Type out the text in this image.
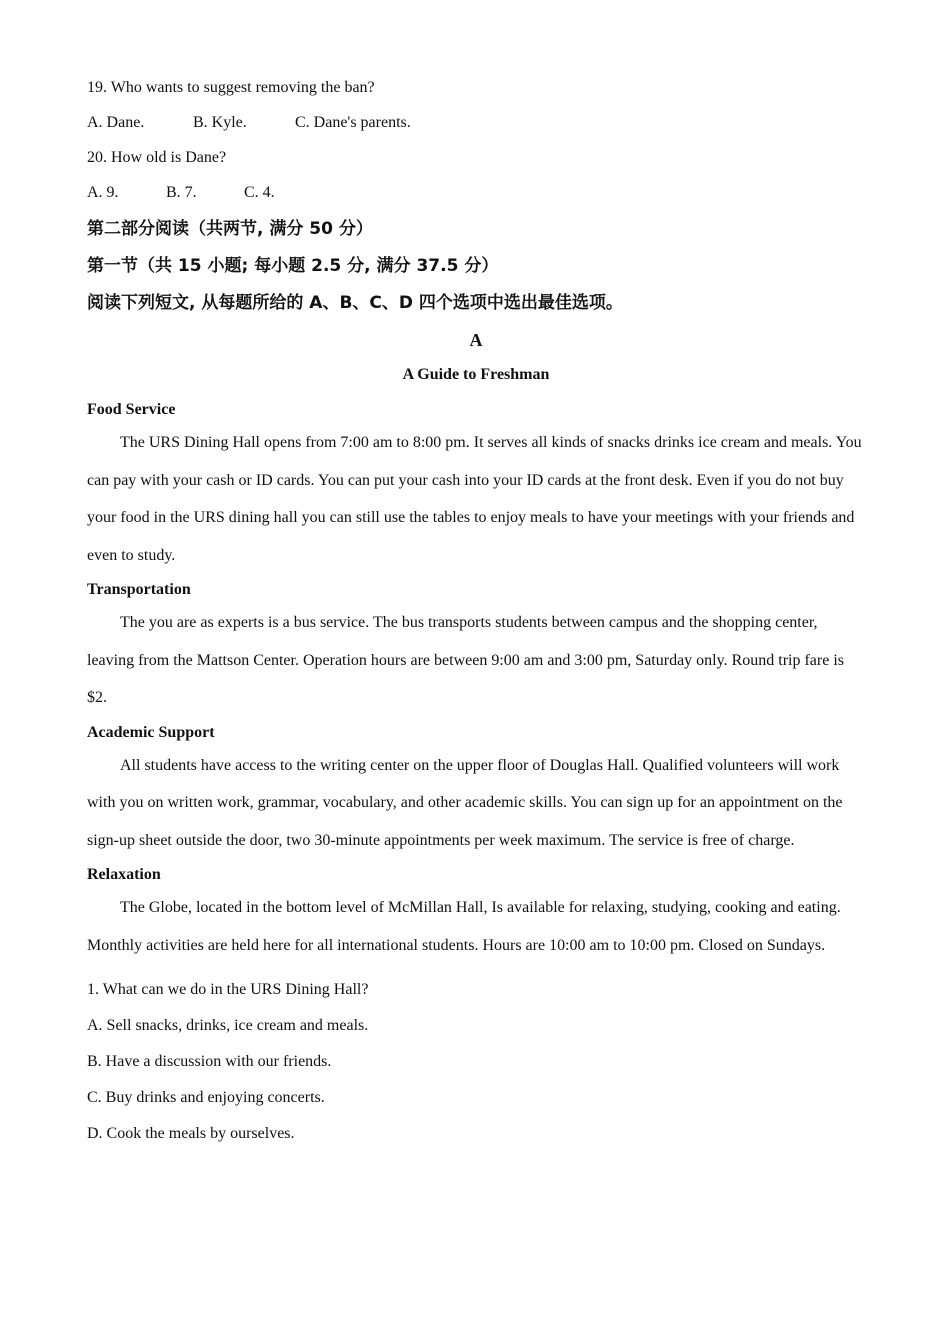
19. Who wants to suggest removing the ban?

A. Dane.	B. Kyle.	C. Dane's parents.

20. How old is Dane?

A. 9.	B. 7.	C. 4.

第二部分阅读（共两节, 满分 50 分）

第一节（共 15 小题; 每小题 2.5 分, 满分 37.5 分）

阅读下列短文, 从每题所给的 A、B、C、D 四个选项中选出最佳选项。

A

A Guide to Freshman

Food Service

The URS Dining Hall opens from 7:00 am to 8:00 pm. It serves all kinds of snacks drinks ice cream and meals. You can pay with your cash or ID cards. You can put your cash into your ID cards at the front desk. Even if you do not buy your food in the URS dining hall you can still use the tables to enjoy meals to have your meetings with your friends and even to study.

Transportation

The you are as experts is a bus service. The bus transports students between campus and the shopping center, leaving from the Mattson Center. Operation hours are between 9:00 am and 3:00 pm, Saturday only. Round trip fare is $2.

Academic Support

All students have access to the writing center on the upper floor of Douglas Hall. Qualified volunteers will work with you on written work, grammar, vocabulary, and other academic skills. You can sign up for an appointment on the sign-up sheet outside the door, two 30-minute appointments per week maximum. The service is free of charge.

Relaxation

The Globe, located in the bottom level of McMillan Hall, Is available for relaxing, studying, cooking and eating. Monthly activities are held here for all international students. Hours are 10:00 am to 10:00 pm. Closed on Sundays.

1. What can we do in the URS Dining Hall?

A. Sell snacks, drinks, ice cream and meals.

B. Have a discussion with our friends.

C. Buy drinks and enjoying concerts.

D. Cook the meals by ourselves.
